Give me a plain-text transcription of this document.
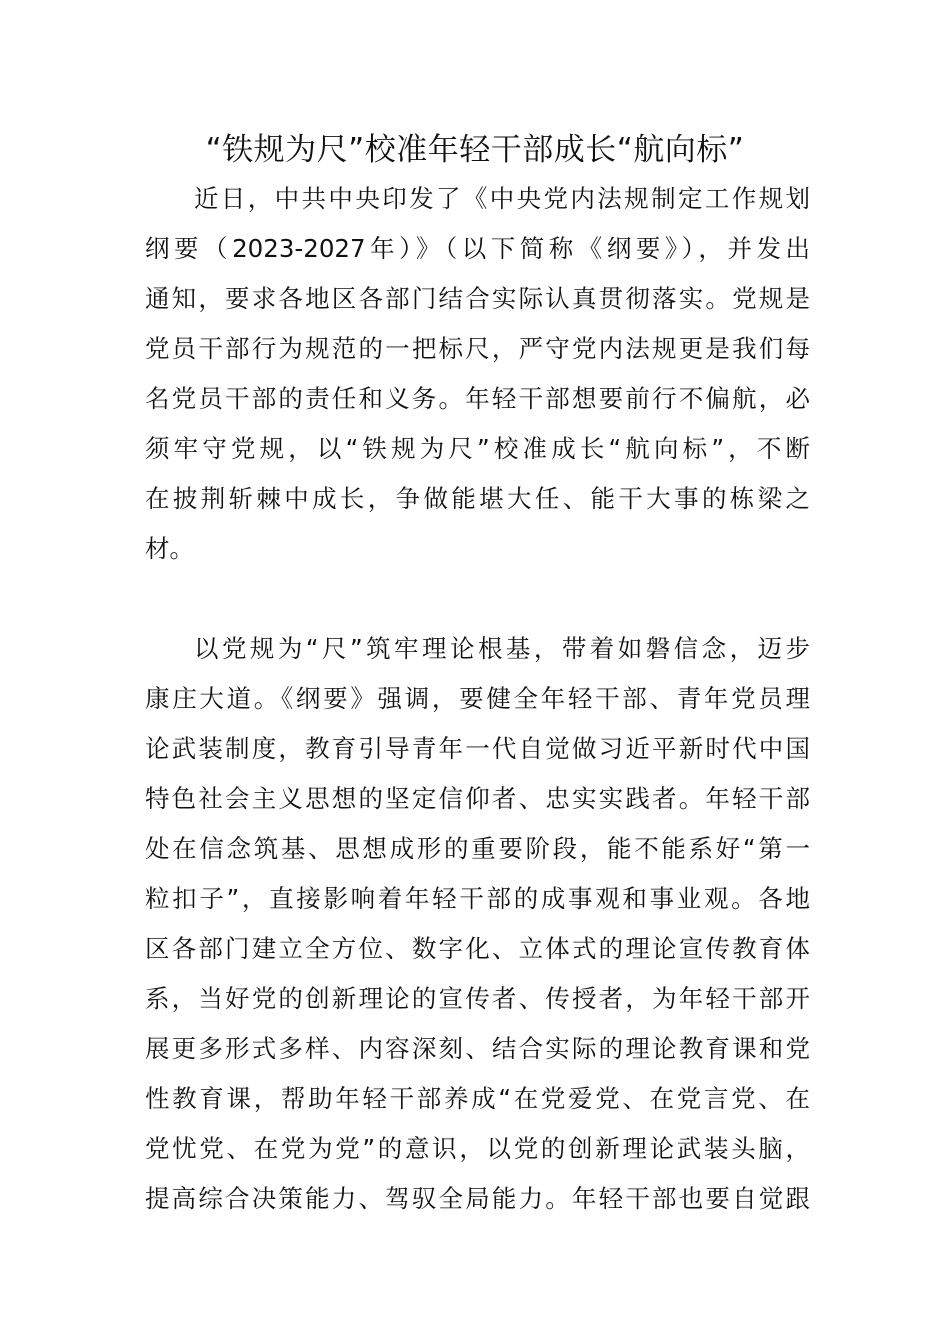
“铁规为尺”校准年轻干部成长“航向标”
近日，中共中央印发了《中央党内法规制定工作规划
纲要（2023-2027年）》（以下简称《纲要》），并发出
通知，要求各地区各部门结合实际认真贯彻落实。党规是
党员干部行为规范的一把标尺，严守党内法规更是我们每
名党员干部的责任和义务。年轻干部想要前行不偏航，必
须牢守党规，以“铁规为尺”校准成长“航向标”，不断
在披荆斩棘中成长，争做能堪大任、能干大事的栋梁之
材。
以党规为“尺”筑牢理论根基，带着如磐信念，迈步
康庄大道。《纲要》强调，要健全年轻干部、青年党员理
论武装制度，教育引导青年一代自觉做习近平新时代中国
特色社会主义思想的坚定信仰者、忠实实践者。年轻干部
处在信念筑基、思想成形的重要阶段，能不能系好“第一
粒扣子”，直接影响着年轻干部的成事观和事业观。各地
区各部门建立全方位、数字化、立体式的理论宣传教育体
系，当好党的创新理论的宣传者、传授者，为年轻干部开
展更多形式多样、内容深刻、结合实际的理论教育课和党
性教育课，帮助年轻干部养成“在党爱党、在党言党、在
党忧党、在党为党”的意识，以党的创新理论武装头脑，
提高综合决策能力、驾驭全局能力。年轻干部也要自觉跟
